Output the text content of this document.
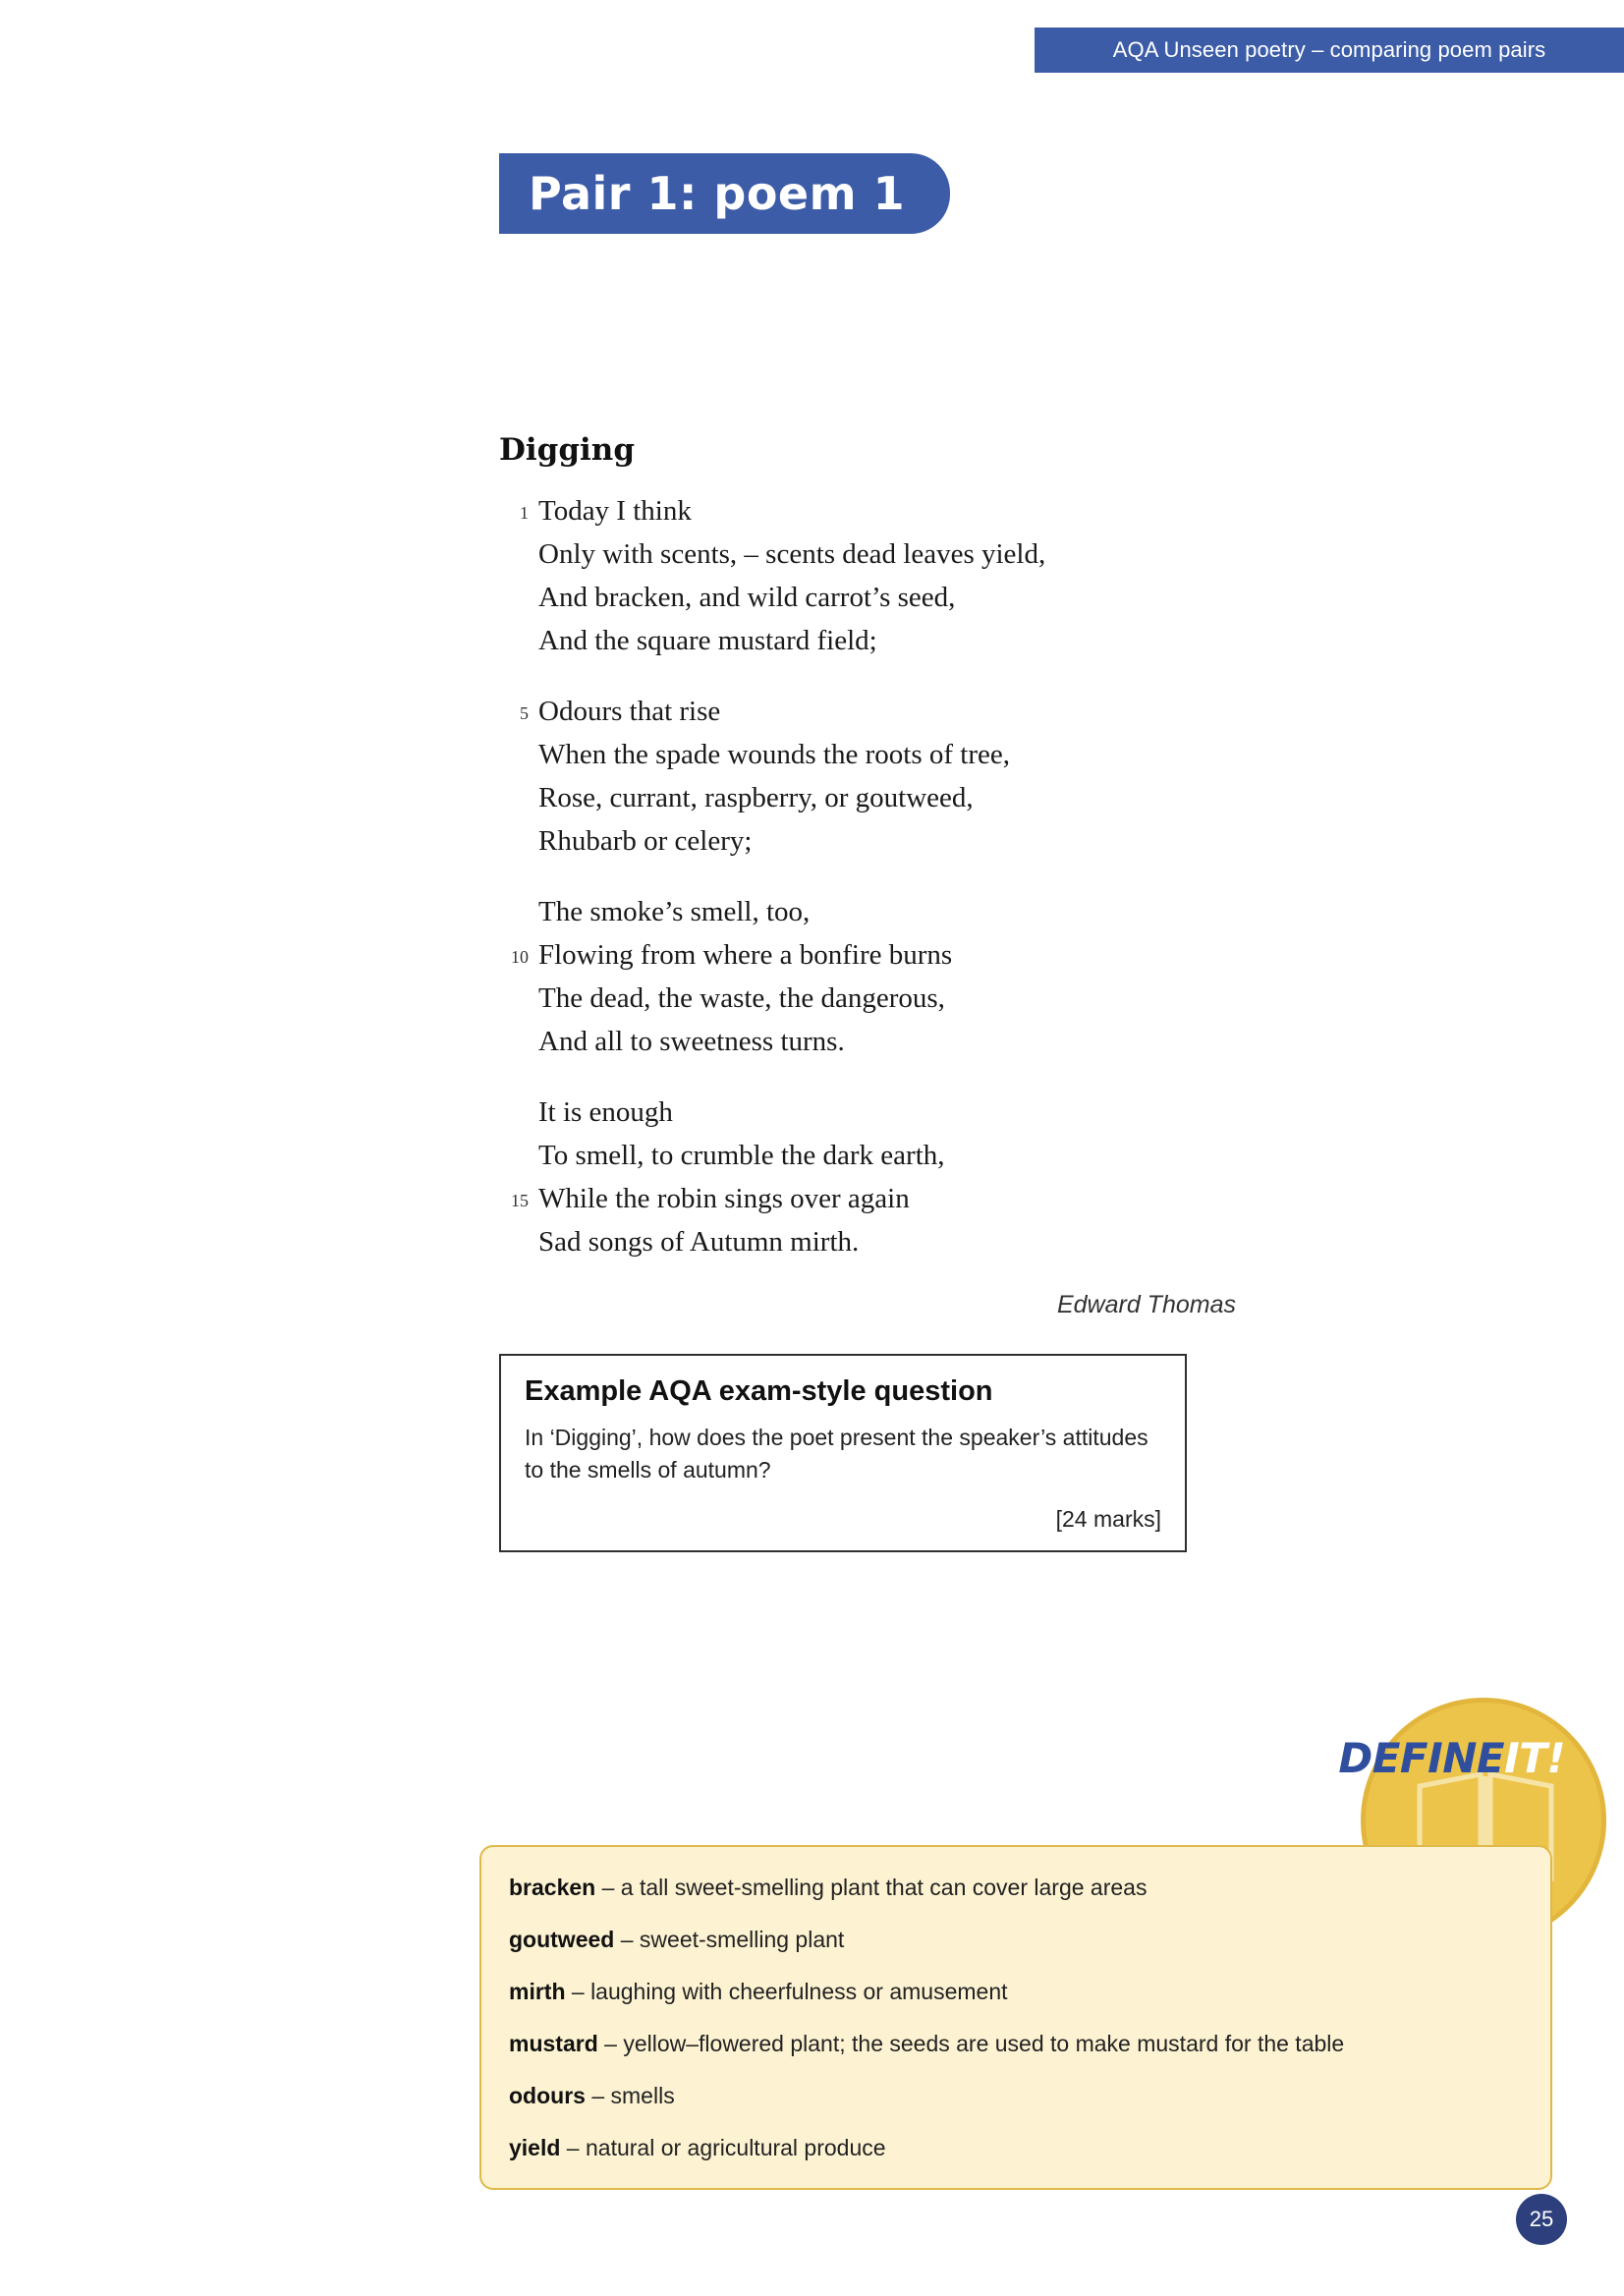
AQA Unseen poetry – comparing poem pairs
Pair 1: poem 1
Digging
1 Today I think
Only with scents, – scents dead leaves yield,
And bracken, and wild carrot’s seed,
And the square mustard field;
5 Odours that rise
When the spade wounds the roots of tree,
Rose, currant, raspberry, or goutweed,
Rhubarb or celery;
The smoke’s smell, too,
10 Flowing from where a bonfire burns
The dead, the waste, the dangerous,
And all to sweetness turns.
It is enough
To smell, to crumble the dark earth,
15 While the robin sings over again
Sad songs of Autumn mirth.
Edward Thomas
Example AQA exam-style question
In ‘Digging’, how does the poet present the speaker’s attitudes to the smells of autumn?
[24 marks]
DEFINEIT!
bracken – a tall sweet-smelling plant that can cover large areas
goutweed – sweet-smelling plant
mirth – laughing with cheerfulness or amusement
mustard – yellow–flowered plant; the seeds are used to make mustard for the table
odours – smells
yield – natural or agricultural produce
25
